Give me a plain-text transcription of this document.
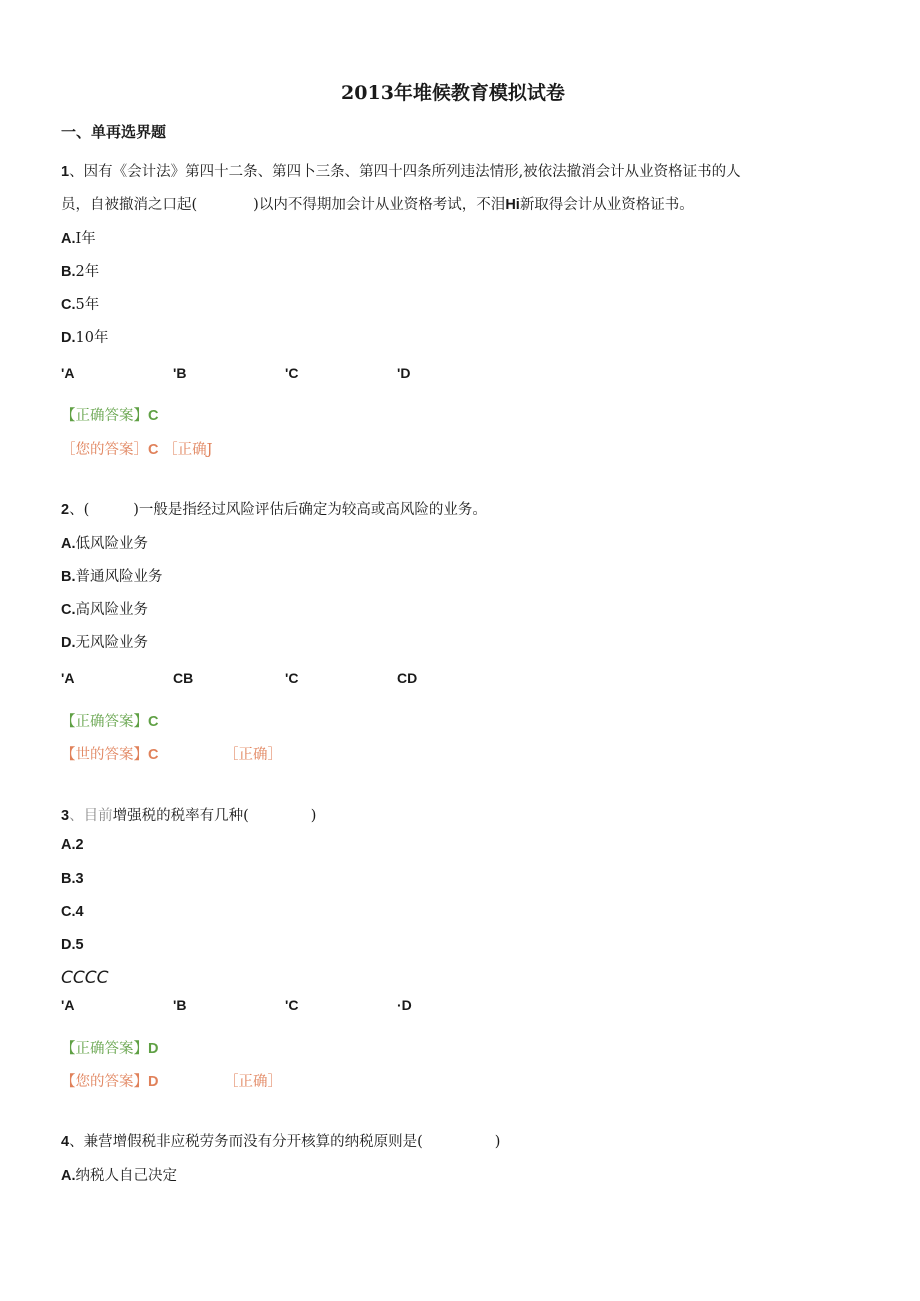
2013年堆候教育模拟试卷
一、单再选界题
1、因有《会计法》第四十二条、第四卜三条、第四十四条所列违法情形,被依法撤消会计从业资格证书的人
员，自被撤消之口起(	)以内不得期加会计从业资格考试，不泪Hi新取得会计从业资格证书。
A.I年
B.2年
C.5年
D.10年
'A	'B	'C	'D
【正确答案】C
［您的答案］C ［正确J
2、(	)一般是指经过风险评估后确定为较高或高风险的业务。
A.低风险业务
B.普通风险业务
C.高风险业务
D.无风险业务
'A	CB	'C	CD
【正确答案】C
【世的答案】C	［正确］
3、目前增强税的税率有几种(	)
A.2
B.3
C.4
D.5
CCCC
'A	'B	'C	·D
【正确答案】D
【您的答案】D	［正确］
4、兼营增假税非应税劳务而没有分开核算的纳税原则是(	)
A.纳税人自己决定
